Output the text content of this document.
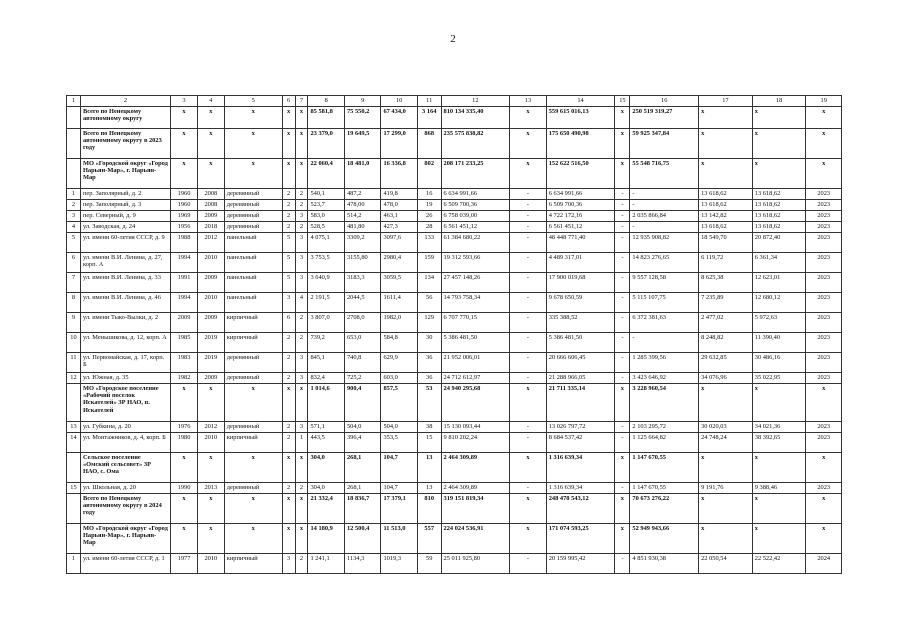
2
1	2	3	4	5	6	7	8	9	10	11	12	13	14	15	16	17	18	19
	Всего по Ненецкому автономному округу	х	х	х	х	х	85 581,8	75 550,2	67 434,0	3 164	810 134 335,40	х	559 615 016,13	х	250 519 319,27	х	х	х
	Всего по Ненецкому автономному округу в 2023 году	х	х	х	х	х	23 379,0	19 649,5	17 299,0	868	235 575 838,82	х	175 650 490,98	х	59 925 347,84	х	х	х
	МО «Городской округ «Город Нарьян-Мар», г. Нарьян-Мар	х	х	х	х	х	22 060,4	18 481,0	16 336,8	802	208 171 233,25	х	152 622 516,50	х	55 548 716,75	х	х	х
1	пер. Заполярный, д. 2	1960	2008	деревянный	2	2	540,1	487,2	419,8	16	6 634 991,66	-	6 634 991,66	-	-	13 618,62	13 618,62	2023
2	пер. Заполярный, д. 3	1960	2008	деревянный	2	2	523,7	478,00	478,0	19	6 509 700,36	-	6 509 700,36	-	-	13 618,62	13 618,62	2023
3	пер. Северный, д. 9	1969	2009	деревянный	2	3	583,0	514,2	463,1	26	6 758 039,00	-	4 722 172,16	-	2 035 866,84	13 142,82	13 618,62	2023
4	ул. Заводская, д. 24	1956	2018	деревянный	2	2	528,5	481,80	427,3	28	6 561 451,12	-	6 561 451,12	-	-	13 618,62	13 618,62	2023
5	ул. имени 60-летия СССР, д. 9	1988	2012	панельный	5	3	4 075,1	3309,2	3097,6	133	61 384 680,22	-	48 448 771,40	-	12 935 908,82	18 549,70	20 872,40	2023
6	ул. имени В.И. Ленина, д. 27, корп. А	1994	2010	панельный	5	3	3 753,5	3155,80	2980,4	159	19 312 593,66	-	4 489 317,01	-	14 823 276,65	6 119,72	6 361,34	2023
7	ул. имени В.И. Ленина, д. 33	1991	2009	панельный	5	3	3 640,9	3183,3	3059,5	134	27 457 148,26	-	17 900 019,68	-	9 557 128,58	8 625,38	12 623,01	2023
8	ул. имени В.И. Ленина, д. 46	1994	2010	панельный	3	4	2 191,5	2044,5	1611,4	56	14 793 758,34	-	9 678 650,59	-	5 115 107,75	7 235,89	12 680,12	2023
9	ул. имени Тыко-Вылки, д. 2	2009	2009	кирпичный	6	2	3 807,0	2708,0	1982,0	129	6 707 770,15	-	335 388,52	-	6 372 381,63	2 477,02	5 972,63	2023
10	ул. Меньшикова, д. 12, корп. А	1985	2019	кирпичный	2	2	739,2	653,0	584,8	30	5 386 481,50	-	5 386 481,50	-	-	8 248,82	11 390,40	2023
11	ул. Первомайская, д. 17, корп. Б	1983	2019	деревянный	2	3	845,1	740,8	629,9	36	21 952 006,01	-	20 666 606,45	-	1 285 399,56	29 632,85	30 486,16	2023
12	ул. Южная, д. 35	1982	2009	деревянный	2	3	832,4	725,2	603,0	36	24 712 612,97	-	21 288 966,05	-	3 423 646,92	34 076,96	35 022,95	2023
	МО «Городское поселение «Рабочий поселок Искателей» ЗР НАО, п. Искателей	х	х	х	х	х	1 014,6	900,4	857,5	53	24 940 295,68	х	21 711 335,14	х	3 228 960,54	х	х	х
13	ул. Губкина, д. 20	1976	2012	деревянный	2	3	571,1	504,0	504,0	38	15 130 093,44	-	13 026 797,72	-	2 103 295,72	30 020,03	34 021,36	2023
14	ул. Монтажников, д. 4, корп. Б	1980	2010	кирпичный	2	1	443,5	396,4	353,5	15	9 810 202,24	-	8 684 537,42	-	1 125 664,82	24 748,24	38 392,65	2023
	Сельское поселение «Омский сельсовет» ЗР НАО, с. Ома	х	х	х	х	х	304,0	268,1	104,7	13	2 464 309,89	х	1 316 639,34	х	1 147 670,55	х	х	х
15	ул. Школьная, д. 20	1990	2013	деревянный	2	2	304,0	268,1	104,7	13	2 464 309,89	-	1 316 639,34	-	1 147 670,55	9 191,76	9 388,46	2023
	Всего по Ненецкому автономному округу в 2024 году	х	х	х	х	х	21 332,4	18 836,7	17 379,1	810	319 151 819,34	х	248 478 543,12	х	70 673 276,22	х	х	х
	МО «Городской округ «Город Нарьян-Мар», г. Нарьян-Мар	х	х	х	х	х	14 180,9	12 500,4	11 513,0	557	224 024 536,91	х	171 074 593,25	х	52 949 943,66	х	х	х
1	ул. имени 60-летия СССР, д. 1	1977	2010	кирпичный	3	2	1 241,1	1134,3	1019,3	59	25 011 925,80	-	20 159 995,42	-	4 851 930,38	22 050,54	22 522,42	2024
